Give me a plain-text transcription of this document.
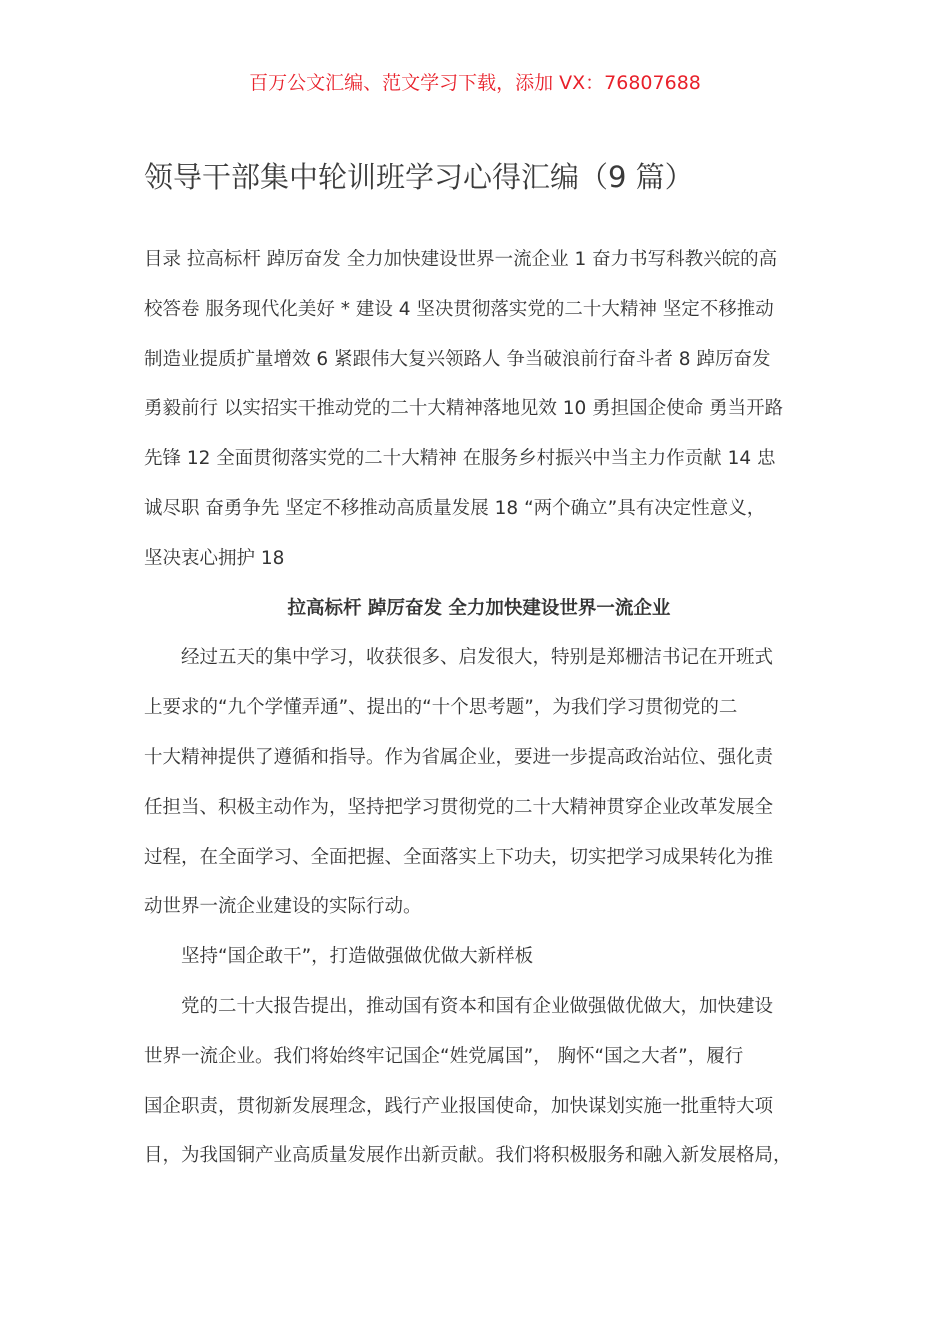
百万公文汇编、范文学习下载，添加 VX：76807688
领导干部集中轮训班学习心得汇编（9 篇）
目录 拉高标杆 踔厉奋发 全力加快建设世界一流企业 1 奋力书写科教兴皖的高
校答卷 服务现代化美好 * 建设 4 坚决贯彻落实党的二十大精神 坚定不移推动
制造业提质扩量增效 6 紧跟伟大复兴领路人 争当破浪前行奋斗者 8 踔厉奋发
勇毅前行 以实招实干推动党的二十大精神落地见效 10 勇担国企使命 勇当开路
先锋 12 全面贯彻落实党的二十大精神 在服务乡村振兴中当主力作贡献 14 忠
诚尽职 奋勇争先 坚定不移推动高质量发展 18 “两个确立”具有决定性意义，
坚决衷心拥护 18
拉高标杆 踔厉奋发 全力加快建设世界一流企业
经过五天的集中学习，收获很多、启发很大，特别是郑栅洁书记在开班式
上要求的“九个学懂弄通”、提出的“十个思考题”，为我们学习贯彻党的二
十大精神提供了遵循和指导。作为省属企业，要进一步提高政治站位、强化责
任担当、积极主动作为，坚持把学习贯彻党的二十大精神贯穿企业改革发展全
过程，在全面学习、全面把握、全面落实上下功夫，切实把学习成果转化为推
动世界一流企业建设的实际行动。
坚持“国企敢干”，打造做强做优做大新样板
党的二十大报告提出，推动国有资本和国有企业做强做优做大，加快建设
世界一流企业。我们将始终牢记国企“姓党属国”， 胸怀“国之大者”，履行
国企职责，贯彻新发展理念，践行产业报国使命，加快谋划实施一批重特大项
目，为我国铜产业高质量发展作出新贡献。我们将积极服务和融入新发展格局，
